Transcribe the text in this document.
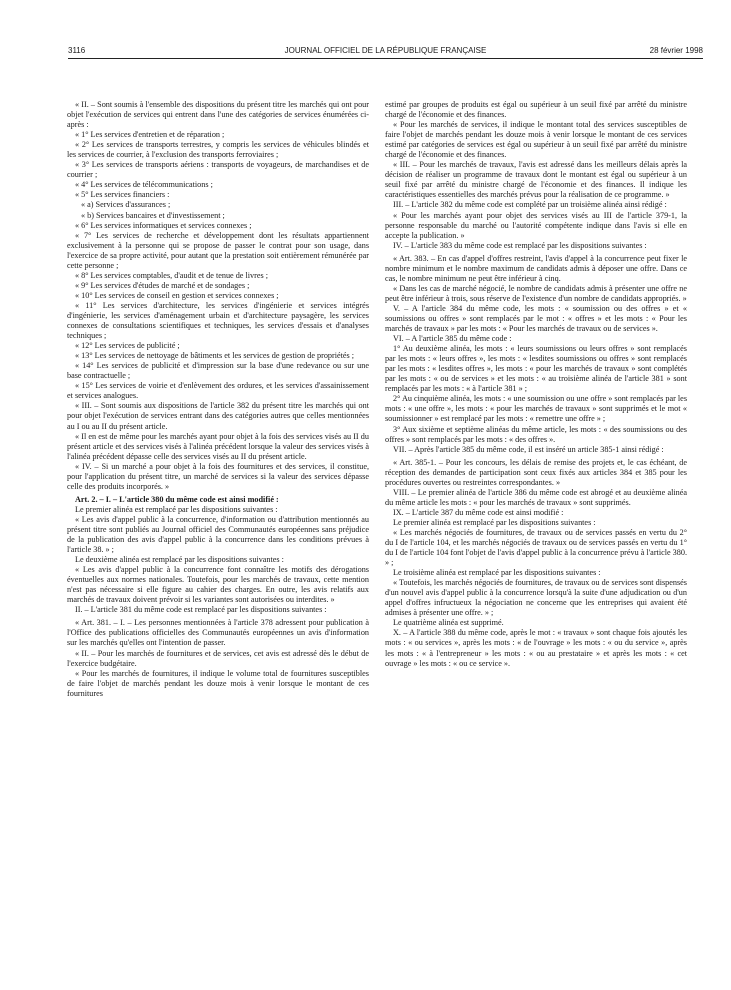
3116	JOURNAL OFFICIEL DE LA RÉPUBLIQUE FRANÇAISE	28 février 1998

« II. – Sont soumis à l'ensemble des dispositions du présent titre les marchés qui ont pour objet l'exécution de services qui entrent dans l'une des catégories de services énumérées ci-après :

« 1° Les services d'entretien et de réparation ;

« 2° Les services de transports terrestres, y compris les services de véhicules blindés et les services de courrier, à l'exclusion des transports ferroviaires ;

« 3° Les services de transports aériens : transports de voyageurs, de marchandises et de courrier ;

« 4° Les services de télécommunications ;

« 5° Les services financiers :

« a) Services d'assurances ;

« b) Services bancaires et d'investissement ;

« 6° Les services informatiques et services connexes ;

« 7° Les services de recherche et développement dont les résultats appartiennent exclusivement à la personne qui se propose de passer le contrat pour son usage, dans l'exercice de sa propre activité, pour autant que la prestation soit entièrement rémunérée par cette personne ;

« 8° Les services comptables, d'audit et de tenue de livres ;

« 9° Les services d'études de marché et de sondages ;

« 10° Les services de conseil en gestion et services connexes ;

« 11° Les services d'architecture, les services d'ingénierie et services intégrés d'ingénierie, les services d'aménagement urbain et d'architecture paysagère, les services connexes de consultations scientifiques et techniques, les services d'essais et d'analyses techniques ;

« 12° Les services de publicité ;

« 13° Les services de nettoyage de bâtiments et les services de gestion de propriétés ;

« 14° Les services de publicité et d'impression sur la base d'une redevance ou sur une base contractuelle ;

« 15° Les services de voirie et d'enlèvement des ordures, et les services d'assainissement et services analogues.

« III. – Sont soumis aux dispositions de l'article 382 du présent titre les marchés qui ont pour objet l'exécution de services entrant dans des catégories autres que celles mentionnées au I ou au II du présent article.

« Il en est de même pour les marchés ayant pour objet à la fois des services visés au II du présent article et des services visés à l'alinéa précédent lorsque la valeur des services visés à l'alinéa précédent dépasse celle des services visés au II du présent article.

« IV. – Si un marché a pour objet à la fois des fournitures et des services, il constitue, pour l'application du présent titre, un marché de services si la valeur des services dépasse celle des produits incorporés. »

Art. 2. – I. – L'article 380 du même code est ainsi modifié :

Le premier alinéa est remplacé par les dispositions suivantes :

« Les avis d'appel public à la concurrence, d'information ou d'attribution mentionnés au présent titre sont publiés au Journal officiel des Communautés européennes sans préjudice de la publication des avis d'appel public à la concurrence dans les conditions prévues à l'article 38. » ;

Le deuxième alinéa est remplacé par les dispositions suivantes :

« Les avis d'appel public à la concurrence font connaître les motifs des dérogations éventuelles aux normes nationales. Toutefois, pour les marchés de travaux, cette mention n'est pas nécessaire si elle figure au cahier des charges. En outre, les avis relatifs aux marchés de travaux doivent prévoir si les variantes sont autorisées ou interdites. »

II. – L'article 381 du même code est remplacé par les dispositions suivantes :

« Art. 381. – I. – Les personnes mentionnées à l'article 378 adressent pour publication à l'Office des publications officielles des Communautés européennes un avis d'information sur les marchés qu'elles ont l'intention de passer.

« II. – Pour les marchés de fournitures et de services, cet avis est adressé dès le début de l'exercice budgétaire.

« Pour les marchés de fournitures, il indique le volume total de fournitures susceptibles de faire l'objet de marchés pendant les douze mois à venir lorsque le montant de ces fournitures

estimé par groupes de produits est égal ou supérieur à un seuil fixé par arrêté du ministre chargé de l'économie et des finances.

« Pour les marchés de services, il indique le montant total des services susceptibles de faire l'objet de marchés pendant les douze mois à venir lorsque le montant de ces services estimé par catégories de services est égal ou supérieur à un seuil fixé par arrêté du ministre chargé de l'économie et des finances.

« III. – Pour les marchés de travaux, l'avis est adressé dans les meilleurs délais après la décision de réaliser un programme de travaux dont le montant est égal ou supérieur à un seuil fixé par arrêté du ministre chargé de l'économie et des finances. Il indique les caractéristiques essentielles des marchés prévus pour la réalisation de ce programme. »

III. – L'article 382 du même code est complété par un troisième alinéa ainsi rédigé :

« Pour les marchés ayant pour objet des services visés au III de l'article 379-1, la personne responsable du marché ou l'autorité compétente indique dans l'avis si elle en accepte la publication. »

IV. – L'article 383 du même code est remplacé par les dispositions suivantes :

« Art. 383. – En cas d'appel d'offres restreint, l'avis d'appel à la concurrence peut fixer le nombre minimum et le nombre maximum de candidats admis à déposer une offre. Dans ce cas, le nombre minimum ne peut être inférieur à cinq.

« Dans les cas de marché négocié, le nombre de candidats admis à présenter une offre ne peut être inférieur à trois, sous réserve de l'existence d'un nombre de candidats appropriés. »

V. – A l'article 384 du même code, les mots : « soumission ou des offres » et « soumissions ou offres » sont remplacés par le mot : « offres » et les mots : « Pour les marchés de travaux » par les mots : « Pour les marchés de travaux ou de services ».

VI. – A l'article 385 du même code :

1° Au deuxième alinéa, les mots : « leurs soumissions ou leurs offres » sont remplacés par les mots : « leurs offres », les mots : « lesdites soumissions ou offres » sont remplacés par les mots : « lesdites offres », les mots : « pour les marchés de travaux » sont complétés par les mots : « ou de services » et les mots : « au troisième alinéa de l'article 381 » sont remplacés par les mots : « à l'article 381 » ;

2° Au cinquième alinéa, les mots : « une soumission ou une offre » sont remplacés par les mots : « une offre », les mots : « pour les marchés de travaux » sont supprimés et le mot « soumissionner » est remplacé par les mots : « remettre une offre » ;

3° Aux sixième et septième alinéas du même article, les mots : « des soumissions ou des offres » sont remplacés par les mots : « des offres ».

VII. – Après l'article 385 du même code, il est inséré un article 385-1 ainsi rédigé :

« Art. 385-1. – Pour les concours, les délais de remise des projets et, le cas échéant, de réception des demandes de participation sont ceux fixés aux articles 384 et 385 pour les procédures ouvertes ou restreintes correspondantes. »

VIII. – Le premier alinéa de l'article 386 du même code est abrogé et au deuxième alinéa du même article les mots : « pour les marchés de travaux » sont supprimés.

IX. – L'article 387 du même code est ainsi modifié :

Le premier alinéa est remplacé par les dispositions suivantes :

« Les marchés négociés de fournitures, de travaux ou de services passés en vertu du 2° du I de l'article 104, et les marchés négociés de travaux ou de services passés en vertu du 1° du I de l'article 104 font l'objet de l'avis d'appel public à la concurrence prévu à l'article 380. » ;

Le troisième alinéa est remplacé par les dispositions suivantes :

« Toutefois, les marchés négociés de fournitures, de travaux ou de services sont dispensés d'un nouvel avis d'appel public à la concurrence lorsqu'à la suite d'une adjudication ou d'un appel d'offres infructueux la négociation ne concerne que les entreprises qui avaient été admises à présenter une offre. » ;

Le quatrième alinéa est supprimé.

X. – A l'article 388 du même code, après le mot : « travaux » sont chaque fois ajoutés les mots : « ou services », après les mots : « de l'ouvrage » les mots : « ou du service », après les mots : « à l'entrepreneur » les mots : « ou au prestataire » et après les mots : « cet ouvrage » les mots : « ou ce service ».
